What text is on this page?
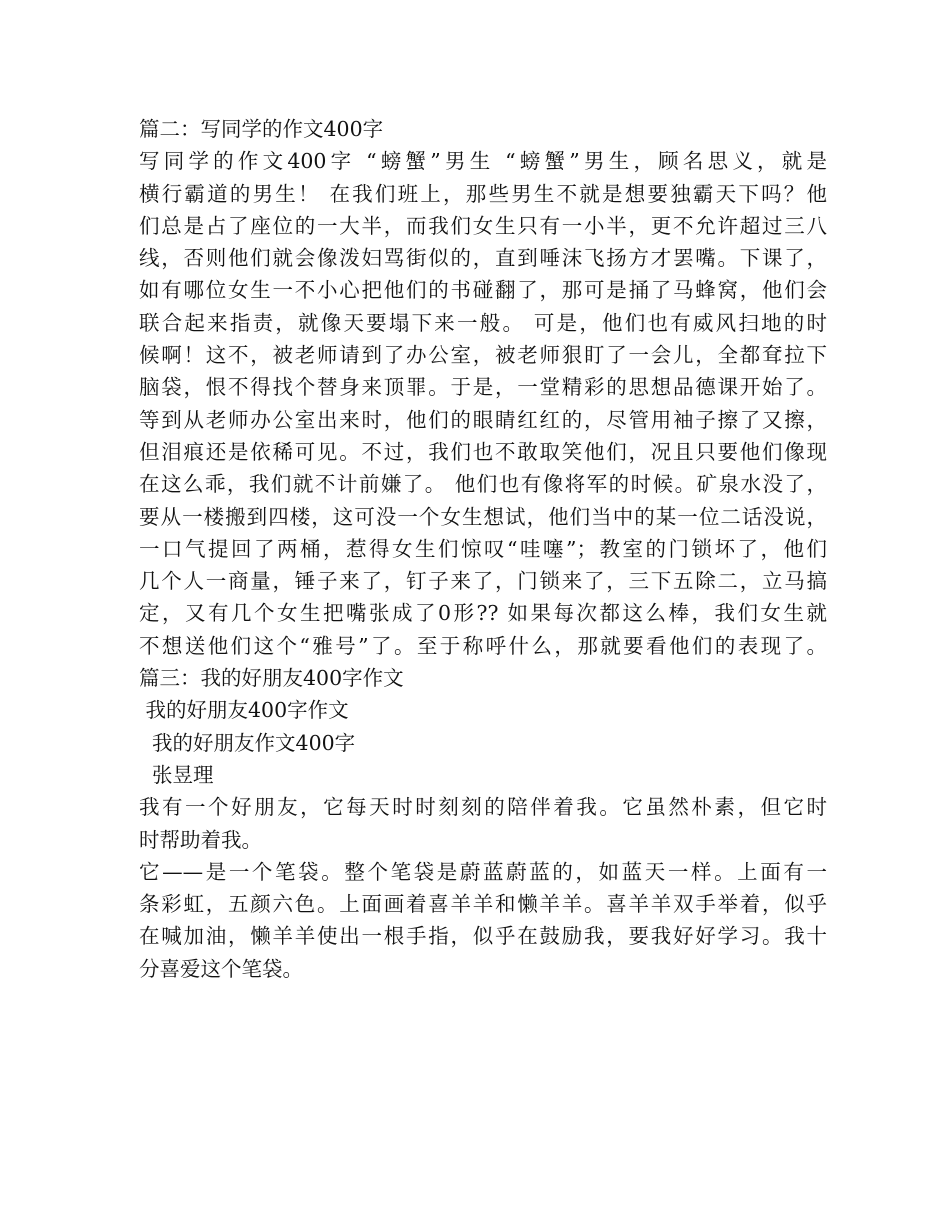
篇二：写同学的作文400字
写同学的作文400字 “螃蟹”男生 “螃蟹”男生，顾名思义，就是
横行霸道的男生！ 在我们班上，那些男生不就是想要独霸天下吗？他
们总是占了座位的一大半，而我们女生只有一小半，更不允许超过三八
线，否则他们就会像泼妇骂街似的，直到唾沫飞扬方才罢嘴。下课了，
如有哪位女生一不小心把他们的书碰翻了，那可是捅了马蜂窝，他们会
联合起来指责，就像天要塌下来一般。 可是，他们也有威风扫地的时
候啊！这不，被老师请到了办公室，被老师狠盯了一会儿，全都耷拉下
脑袋，恨不得找个替身来顶罪。于是，一堂精彩的思想品德课开始了。
等到从老师办公室出来时，他们的眼睛红红的，尽管用袖子擦了又擦，
但泪痕还是依稀可见。不过，我们也不敢取笑他们，况且只要他们像现
在这么乖，我们就不计前嫌了。 他们也有像将军的时候。矿泉水没了，
要从一楼搬到四楼，这可没一个女生想试，他们当中的某一位二话没说，
一口气提回了两桶，惹得女生们惊叹“哇噻”；教室的门锁坏了，他们
几个人一商量，锤子来了，钉子来了，门锁来了，三下五除二，立马搞
定，又有几个女生把嘴张成了0形?? 如果每次都这么棒，我们女生就
不想送他们这个“雅号”了。至于称呼什么，那就要看他们的表现了。
篇三：我的好朋友400字作文
我的好朋友400字作文
我的好朋友作文400字
张昱理
我有一个好朋友，它每天时时刻刻的陪伴着我。它虽然朴素，但它时
时帮助着我。
它——是一个笔袋。整个笔袋是蔚蓝蔚蓝的，如蓝天一样。上面有一
条彩虹，五颜六色。上面画着喜羊羊和懒羊羊。喜羊羊双手举着，似乎
在喊加油，懒羊羊使出一根手指，似乎在鼓励我，要我好好学习。我十
分喜爱这个笔袋。
